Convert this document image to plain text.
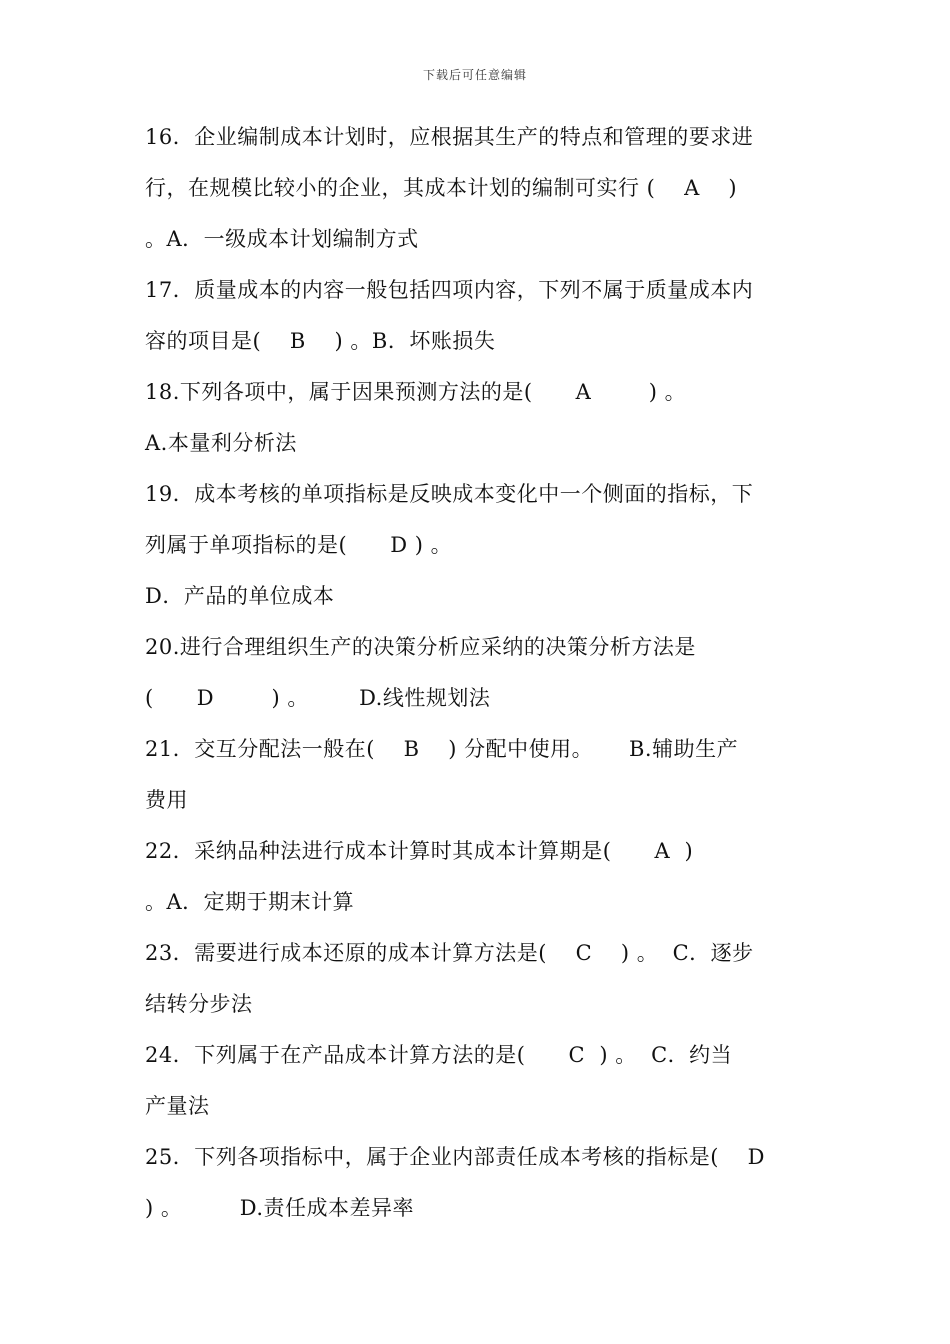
下载后可任意编辑
16．企业编制成本计划时，应根据其生产的特点和管理的要求进
行，在规模比较小的企业，其成本计划的编制可实行 (    A    )
。A．一级成本计划编制方式
17．质量成本的内容一般包括四项内容，下列不属于质量成本内
容的项目是(    B    ) 。B．坏账损失
18.下列各项中，属于因果预测方法的是(      A        ) 。
A.本量利分析法
19．成本考核的单项指标是反映成本变化中一个侧面的指标，下
列属于单项指标的是(      D ) 。
D．产品的单位成本
20.进行合理组织生产的决策分析应采纳的决策分析方法是
(      D        ) 。       D.线性规划法
21．交互分配法一般在(    B    ) 分配中使用。     B.辅助生产
费用
22．采纳品种法进行成本计算时其成本计算期是(      A  )
。A．定期于期末计算
23．需要进行成本还原的成本计算方法是(    C    ) 。  C．逐步
结转分步法
24．下列属于在产品成本计算方法的是(      C  ) 。  C．约当
产量法
25．下列各项指标中，属于企业内部责任成本考核的指标是(    D
) 。        D.责任成本差异率
